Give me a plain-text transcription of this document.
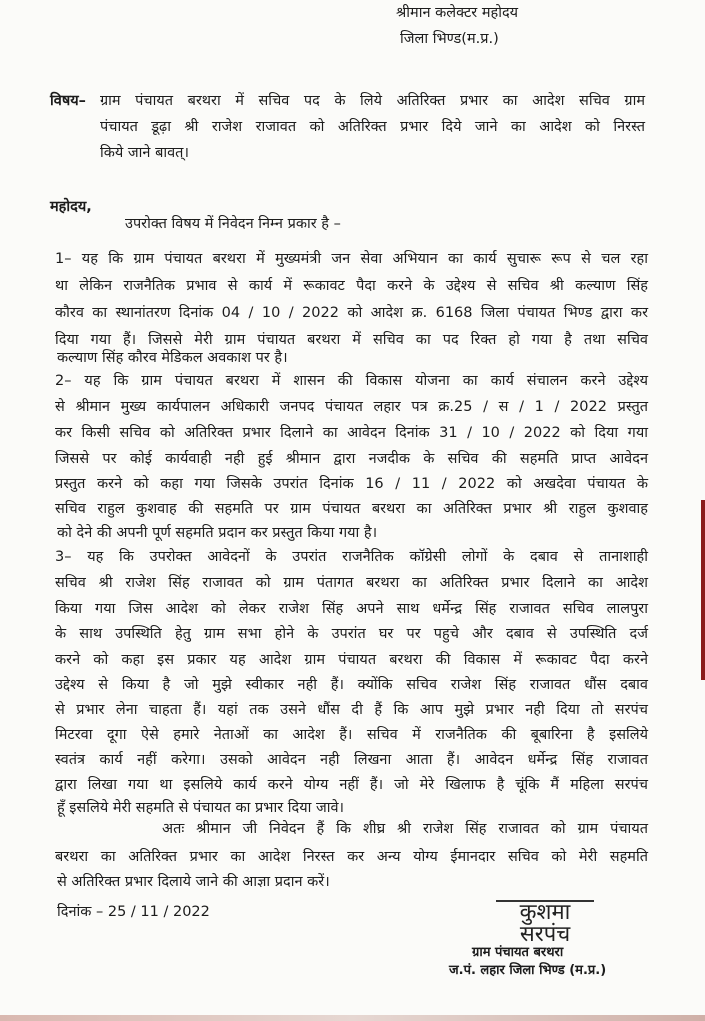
श्रीमान कलेक्टर महोदय
जिला भिण्ड(म.प्र.)
विषय– ग्राम पंचायत बरथरा में सचिव पद के लिये अतिरिक्त प्रभार का आदेश सचिव ग्राम
पंचायत डूढ़ा श्री राजेश राजावत को अतिरिक्त प्रभार दिये जाने का आदेश को निरस्त
किये जाने बावत्।
महोदय,
उपरोक्त विषय में निवेदन निम्न प्रकार है –
1– यह कि ग्राम पंचायत बरथरा में मुख्यमंत्री जन सेवा अभियान का कार्य सुचारू रूप से चल रहा
था लेकिन राजनैतिक प्रभाव से कार्य में रूकावट पैदा करने के उद्देश्य से सचिव श्री कल्याण सिंह
कौरव का स्थानांतरण दिनांक 04 / 10 / 2022 को आदेश क्र. 6168 जिला पंचायत भिण्ड द्वारा कर
दिया गया हैं। जिससे मेरी ग्राम पंचायत बरथरा में सचिव का पद रिक्त हो गया है तथा सचिव
कल्याण सिंह कौरव मेडिकल अवकाश पर है।
2– यह कि ग्राम पंचायत बरथरा में शासन की विकास योजना का कार्य संचालन करने उद्देश्य
से श्रीमान मुख्य कार्यपालन अधिकारी जनपद पंचायत लहार पत्र क्र.25 / स / 1 / 2022 प्रस्तुत
कर किसी सचिव को अतिरिक्त प्रभार दिलाने का आवेदन दिनांक 31 / 10 / 2022 को दिया गया
जिससे पर कोई कार्यवाही नही हुई श्रीमान द्वारा नजदीक के सचिव की सहमति प्राप्त आवेदन
प्रस्तुत करने को कहा गया जिसके उपरांत दिनांक 16 / 11 / 2022 को अखदेवा पंचायत के
सचिव राहुल कुशवाह की सहमति पर ग्राम पंचायत बरथरा का अतिरिक्त प्रभार श्री राहुल कुशवाह
को देने की अपनी पूर्ण सहमति प्रदान कर प्रस्तुत किया गया है।
3– यह कि उपरोक्त आवेदनों के उपरांत राजनैतिक कॉग्रेसी लोगों के दबाव से तानाशाही
सचिव श्री राजेश सिंह राजावत को ग्राम पंतागत बरथरा का अतिरिक्त प्रभार दिलाने का आदेश
किया गया जिस आदेश को लेकर राजेश सिंह अपने साथ धर्मेन्द्र सिंह राजावत सचिव लालपुरा
के साथ उपस्थिति हेतु ग्राम सभा होने के उपरांत घर पर पहुचे और दबाव से उपस्थिति दर्ज
करने को कहा इस प्रकार यह आदेश ग्राम पंचायत बरथरा की विकास में रूकावट पैदा करने
उद्देश्य से किया है जो मुझे स्वीकार नही हैं। क्योंकि सचिव राजेश सिंह राजावत धौंस दबाव
से प्रभार लेना चाहता हैं। यहां तक उसने धौंस दी हैं कि आप मुझे प्रभार नही दिया तो सरपंच
मिटरवा दूगा ऐसे हमारे नेताओं का आदेश हैं। सचिव में राजनैतिक की बूबारिना है इसलिये
स्वतंत्र कार्य नहीं करेगा। उसको आवेदन नही लिखना आता हैं। आवेदन धर्मेन्द्र सिंह राजावत
द्वारा लिखा गया था इसलिये कार्य करने योग्य नहीं हैं। जो मेरे खिलाफ है चूंकि मैं महिला सरपंच
हूँ इसलिये मेरी सहमति से पंचायत का प्रभार दिया जावे।
अतः श्रीमान जी निवेदन हैं कि शीघ्र श्री राजेश सिंह राजावत को ग्राम पंचायत
बरथरा का अतिरिक्त प्रभार का आदेश निरस्त कर अन्य योग्य ईमानदार सचिव को मेरी सहमति
से अतिरिक्त प्रभार दिलाये जाने की आज्ञा प्रदान करें।
दिनांक – 25 / 11 / 2022	कुशमा
सरपंच
ग्राम पंचायत बरथरा
ज.पं. लहार जिला भिण्ड (म.प्र.)
